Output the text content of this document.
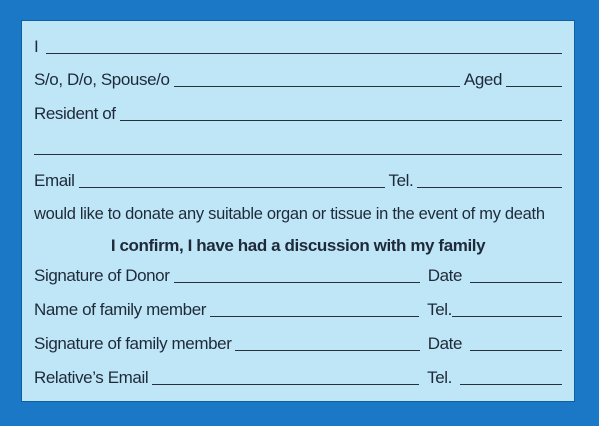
I
S/o, D/o, Spouse/o	Aged
Resident of
Email	Tel.
would like to donate any suitable organ or tissue in the event of my death
I confirm, I have had a discussion with my family
Signature of Donor	Date
Name of family member	Tel.
Signature of family member	Date
Relative’s Email	Tel.
